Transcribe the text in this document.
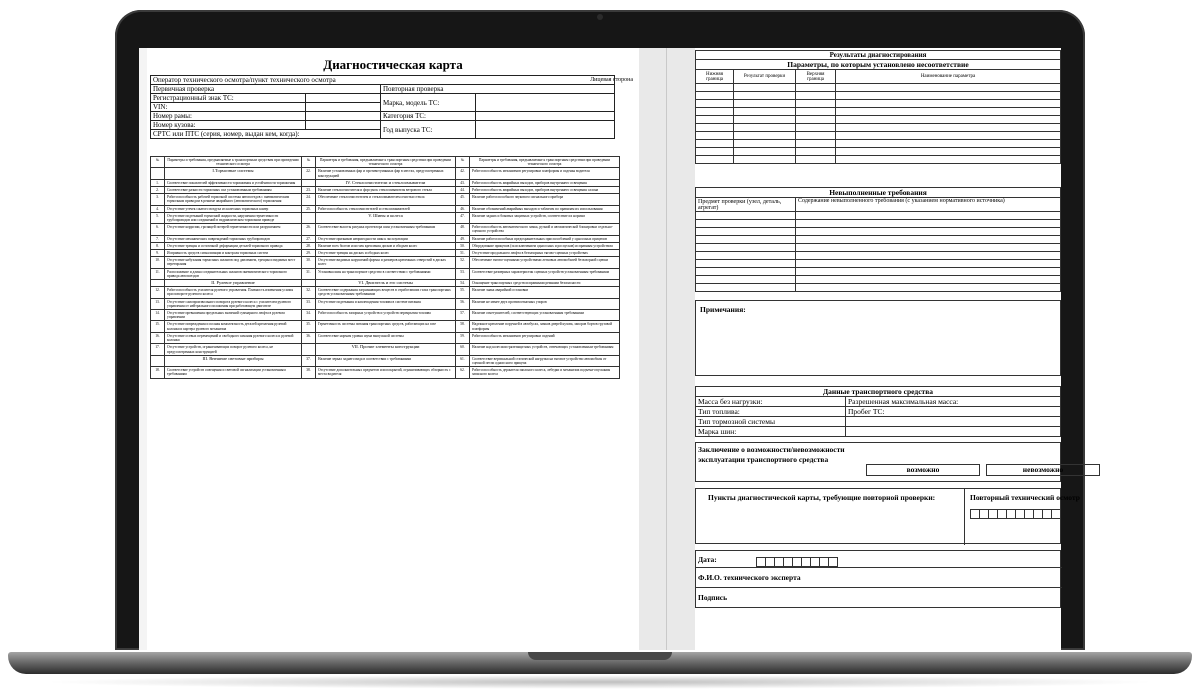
Диагностическая карта
Лицевая сторона
Оператор технического осмотра/пункт технического осмотра			
Первичная проверка		Повторная проверка	
Регистрационный знак ТС:		Марка, модель ТС:	
VIN:			
Номер рамы:		Категория ТС:	
Номер кузова:		Год выпуска ТС:	
СРТС или ПТС (серия, номер, выдан кем, когда):			
№	Параметры и требования, предъявляемые к транспортным средствам при проведении технического осмотра	№	Параметры и требования, предъявляемые к транспортным средствам при проведении технического осмотра	№	Параметры и требования, предъявляемые к транспортным средствам при проведении технического осмотра
	I.Тормозные системы	22.	Наличие установленных фар и противотуманных фар в местах, предусмотренных конструкцией	42.	Работоспособность механизмов регулировки платформы и сиденья водителя
1.	Соответствие показателей эффективности торможения и устойчивости торможения		IV. Стеклоочистители и стеклоомыватели	43.	Работоспособность аварийных выходов, приборов внутреннего освещения
2.	Соответствие разности тормозных сил установленным требованиям	23.	Наличие стеклоочистителя и форсунок стеклоомывателя ветрового стекла	44.	Работоспособность аварийных выходов, приборов внутреннего освещения салона
3.	Работоспособность рабочей тормозной системы автопоездов с пневматическим тормозным приводом в режиме аварийного (автоматического) торможения	24.	Обеспечение стеклоочистителем и стеклоомывателем очистки стекла	45.	Наличие работоспособного звукового сигнального прибора
4.	Отсутствие утечек сжатого воздуха из колесных тормозных камер	25.	Работоспособность стеклоочистителей и стеклоомывателей	46.	Наличие обозначений аварийных выходов и табличек по правилам их использования
5.	Отсутствие подтеканий тормозной жидкости, нарушения герметичности трубопроводов или соединений в гидравлическом тормозном приводе		V. Шины и колеса	47.	Наличие задних и боковых защитных устройств, соответствие их нормам
6.	Отсутствие коррозии, грозящей потерей герметичности или разрушением	26.	Соответствие высоты рисунка протектора шин установленным требованиям	48.	Работоспособность автоматического замка, ручной и автоматической блокировки седельно-сцепного устройства
7.	Отсутствие механических повреждений тормозных трубопроводов	27.	Отсутствие признаков непригодности шин к эксплуатации	49.	Наличие работоспособных предохранительных приспособлений у одноосных прицепов
8.	Отсутствие трещин и остаточной деформации деталей тормозного привода	28.	Наличие всех болтов или гаек крепления дисков и ободьев колес	50.	Оборудование прицепов (за исключением одноосных и роспусков) исправным устройством
9.	Исправность средств сигнализации и контроля тормозных систем	29.	Отсутствие трещин на дисках и ободьях колес	51.	Отсутствие продольного люфта в беззазорных тягово-сцепных устройствах
10.	Отсутствие набухания тормозных шлангов под давлением, трещин и видимых мест перетирания	30.	Отсутствие видимых нарушений формы и размеров крепежных отверстий в дисках колес	52.	Обеспечение тягово-сцепными устройствами легковых автомобилей беззазорной сцепки
11.	Расположение и длина соединительных шлангов пневматического тормозного привода автопоездов	31.	Установка шин на транспортное средство в соответствии с требованиями	53.	Соответствие размерных характеристик сцепных устройств установленным требованиям
	II. Рулевое управление		VI. Двигатель и его системы	54.	Оснащение транспортных средств исправными ремнями безопасности
12.	Работоспособность усилителя рулевого управления. Плавность изменения усилия при повороте рулевого колеса	32.	Соответствие содержания загрязняющих веществ в отработавших газах транспортных средств установленным требованиям	55.	Наличие знака аварийной остановки
13.	Отсутствие самопроизвольного поворота рулевого колеса с усилителем рулевого управления от нейтрального положения при работающем двигателе	33.	Отсутствие подтекания и каплепадения топлива в системе питания	56.	Наличие не менее двух противооткатных упоров
14.	Отсутствие превышения предельных значений суммарного люфта в рулевом управлении	34.	Работоспособность запорных устройств и устройств перекрытия топлива	57.	Наличие огнетушителей, соответствующих установленным требованиям
15.	Отсутствие повреждения и полная комплектность деталей крепления рулевой колонки и картера рулевого механизма	35.	Герметичность системы питания транспортных средств, работающих на газе	58.	Надежное крепление поручней в автобусах, замков дверей кузова, запоров бортов грузовой платформы
16.	Отсутствие осевых перемещений и свободного качания рулевого колеса и рулевой колонки	36.	Соответствие нормам уровня шума выпускной системы	59.	Работоспособность механизмов регулировки сидений
17.	Отсутствие устройств, ограничивающих поворот рулевого колеса, не предусмотренных конструкцией		VII. Прочие элементы конструкции	60.	Наличие над колесами грязезащитных устройств, отвечающих установленным требованиям
	III. Внешние световые приборы	37.	Наличие зеркал заднего вида в соответствии с требованиями	61.	Соответствие вертикальной статической нагрузки на тяговое устройство автомобиля от сцепной петли одноосного прицепа
18.	Соответствие устройств освещения и световой сигнализации установленным требованиям	38.	Отсутствие дополнительных предметов или покрытий, ограничивающих обзорность с места водителя	62.	Работоспособность держателя запасного колеса, лебедки и механизма подъема-опускания запасного колеса
Результаты диагностирования			
Параметры, по которым установлено несоответствие			
Нижняя граница	Результат проверки	Верхняя граница	Наименование параметра

Невыполненные требования	
Предмет проверки (узел, деталь, агрегат)	Содержание невыполненного требования (с указанием нормативного источника)

Примечания:
Данные транспортного средства	
Масса без нагрузки:	Разрешенная максимальная масса:
Тип топлива:	Пробег ТС:
Тип тормозной системы	
Марка шин:	
Заключение о возможности/невозможности эксплуатации транспортного средства
возможно	невозможно
Пункты диагностической карты, требующие повторной проверки:	Повторный технический осмотр
Дата:
Ф.И.О. технического эксперта
Подпись
